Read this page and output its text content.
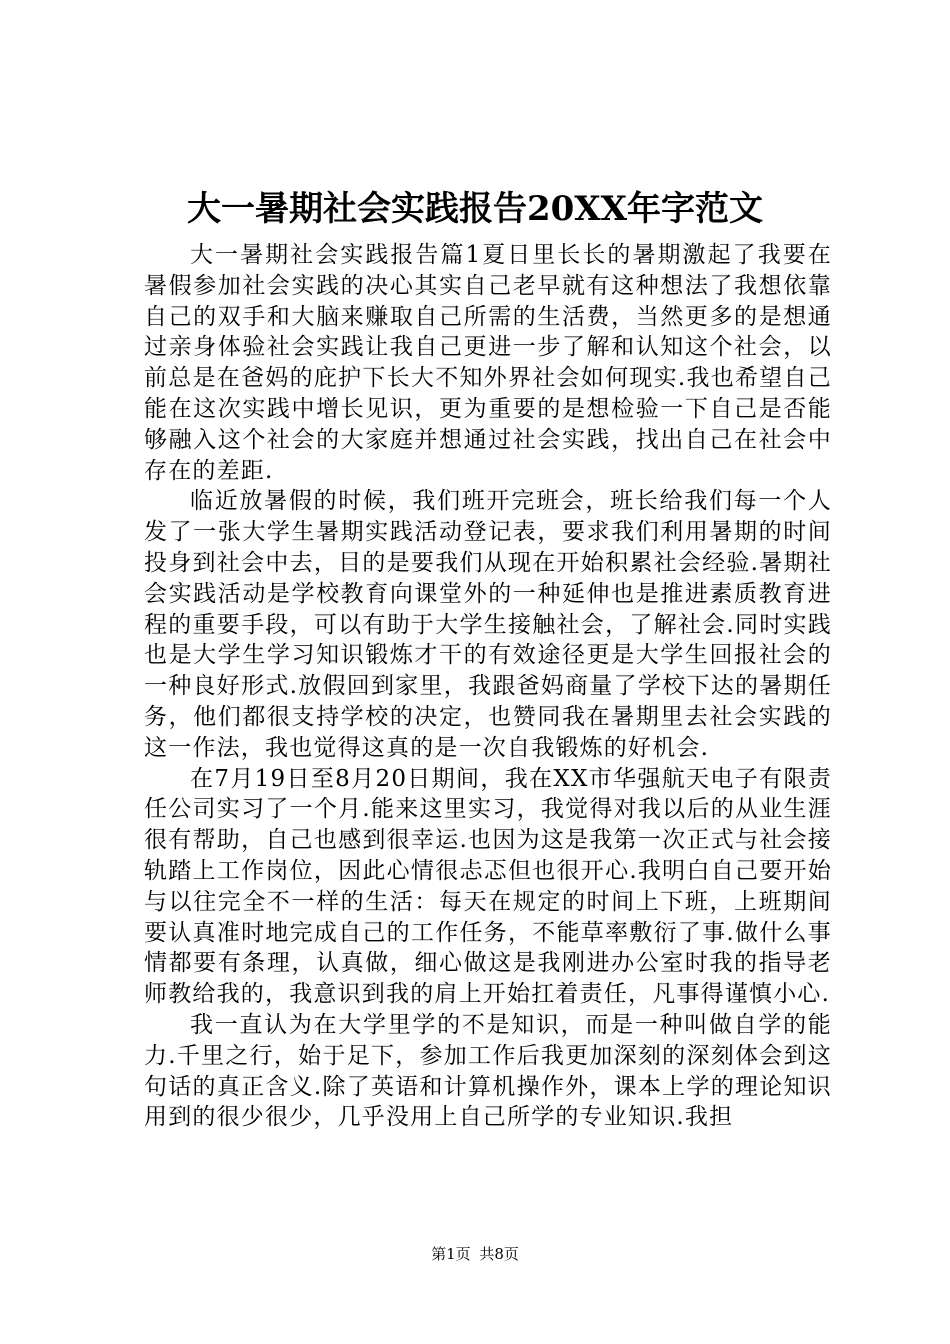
大一暑期社会实践报告20XX年字范文

大一暑期社会实践报告篇1夏日里长长的暑期激起了我要在暑假参加社会实践的决心其实自己老早就有这种想法了我想依靠自己的双手和大脑来赚取自己所需的生活费，当然更多的是想通过亲身体验社会实践让我自己更进一步了解和认知这个社会，以前总是在爸妈的庇护下长大不知外界社会如何现实.我也希望自己能在这次实践中增长见识，更为重要的是想检验一下自己是否能够融入这个社会的大家庭并想通过社会实践，找出自己在社会中存在的差距.

临近放暑假的时候，我们班开完班会，班长给我们每一个人发了一张大学生暑期实践活动登记表，要求我们利用暑期的时间投身到社会中去，目的是要我们从现在开始积累社会经验.暑期社会实践活动是学校教育向课堂外的一种延伸也是推进素质教育进程的重要手段，可以有助于大学生接触社会，了解社会.同时实践也是大学生学习知识锻炼才干的有效途径更是大学生回报社会的一种良好形式.放假回到家里，我跟爸妈商量了学校下达的暑期任务，他们都很支持学校的决定，也赞同我在暑期里去社会实践的这一作法，我也觉得这真的是一次自我锻炼的好机会.

在7月19日至8月20日期间，我在XX市华强航天电子有限责任公司实习了一个月.能来这里实习，我觉得对我以后的从业生涯很有帮助，自己也感到很幸运.也因为这是我第一次正式与社会接轨踏上工作岗位，因此心情很忐忑但也很开心.我明白自己要开始与以往完全不一样的生活：每天在规定的时间上下班，上班期间要认真准时地完成自己的工作任务，不能草率敷衍了事.做什么事情都要有条理，认真做，细心做这是我刚进办公室时我的指导老师教给我的，我意识到我的肩上开始扛着责任，凡事得谨慎小心.

我一直认为在大学里学的不是知识，而是一种叫做自学的能力.千里之行，始于足下，参加工作后我更加深刻的深刻体会到这句话的真正含义.除了英语和计算机操作外，课本上学的理论知识用到的很少很少，几乎没用上自己所学的专业知识.我担

第1页 共8页
